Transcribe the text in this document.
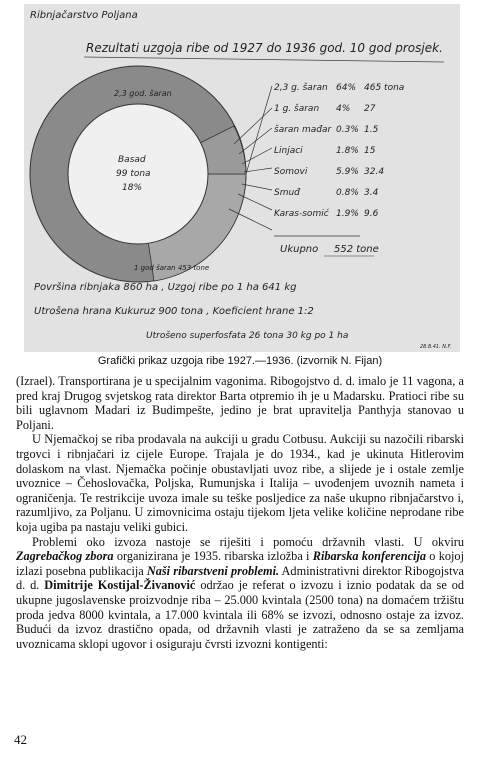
Ribnjačarstvo Poljana
Rezultati uzgoja ribe od 1927 do 1936 god. 10 god prosjek.
2,3 god. šaran
Basad
99 tona
18%
1 god šaran 453 tone
2,3 g. šaran 64% 465 tona
1 g. šaran 4% 27
šaran mađar 0.3% 1.5
Linjaci	1.8% 15
Somovi	5.9% 32.4
Smuđ	0.8% 3.4
Karas-somić 1.9% 9.6
Ukupno 552 tone
Površina ribnjaka 860 ha , Uzgoj ribe po 1 ha 641 kg
Utrošena hrana Kukuruz 900 tona , Koeficient hrane 1:2
Utrošeno superfosfata 26 tona 30 kg po 1 ha
28.8.41. N.F.
Grafički prikaz uzgoja ribe 1927.—1936. (izvornik N. Fijan)

(Izrael). Transportirana je u specijalnim vagonima. Ribogojstvo d. d. imalo je 11 vagona, a pred kraj Drugog svjetskog rata direktor Barta otpremio ih je u Madarsku. Pratioci ribe su bili uglavnom Madari iz Budimpešte, jedino je brat upravitelja Panthyja stanovao u Poljani.

U Njemačkoj se riba prodavala na aukciji u gradu Cotbusu. Aukciji su nazočili ribarski trgovci i ribnjačari iz cijele Europe. Trajala je do 1934., kad je ukinuta Hitlerovim dolaskom na vlast. Njemačka počinje obustavljati uvoz ribe, a slijede je i ostale zemlje uvoznice – Čehoslovačka, Poljska, Rumunjska i Italija – uvođenjem uvoznih nameta i ograničenja. Te restrikcije uvoza imale su teške posljedice za naše ukupno ribnjačarstvo i, razumljivo, za Poljanu. U zimovnicima ostaju tijekom ljeta velike količine neprodane ribe koja ugiba pa nastaju veliki gubici.

Problemi oko izvoza nastoje se riješiti i pomoću državnih vlasti. U okviru Zagrebačkog zbora organizirana je 1935. ribarska izložba i Ribarska konferencija o kojoj izlazi posebna publikacija Naši ribarstveni problemi. Administrativni direktor Ribogojstva d. d. Dimitrije Kostijal-Živanović održao je referat o izvozu i iznio podatak da se od ukupne jugoslavenske proizvodnje riba – 25.000 kvintala (2500 tona) na domaćem tržištu proda jedva 8000 kvintala, a 17.000 kvintala ili 68% se izvozi, odnosno ostaje za izvoz. Budući da izvoz drastično opada, od državnih vlasti je zatraženo da se sa zemljama uvoznicama sklopi ugovor i osiguraju čvrsti izvozni kontigenti:

42
